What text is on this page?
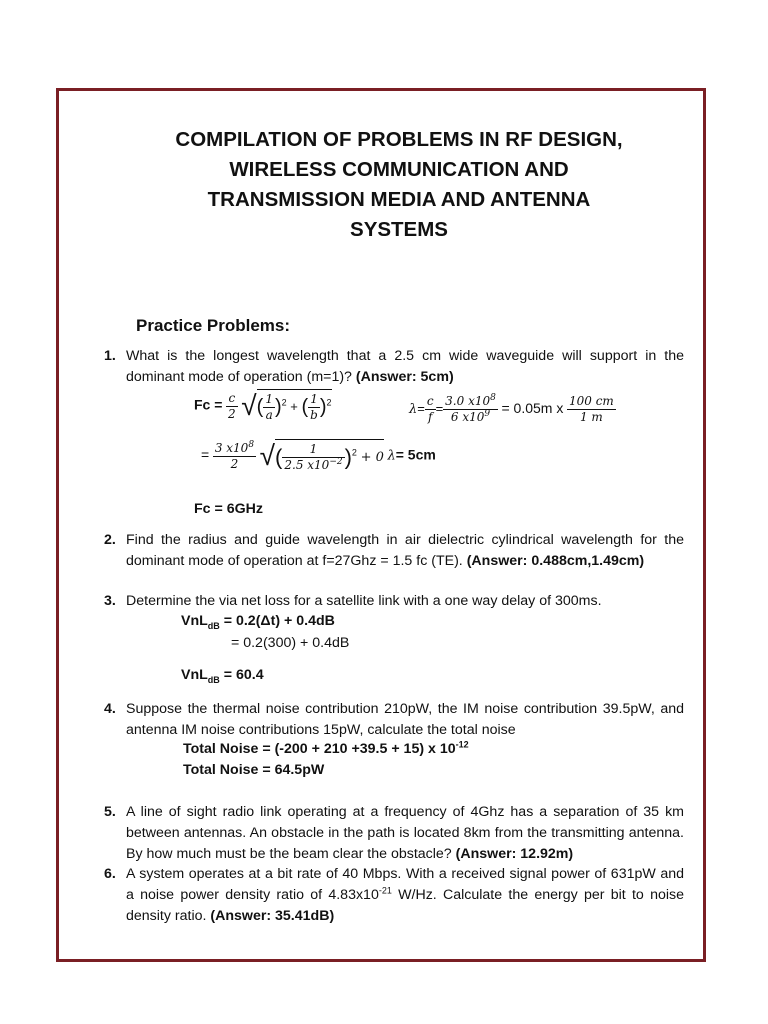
COMPILATION OF PROBLEMS IN RF DESIGN,
WIRELESS COMMUNICATION AND
TRANSMISSION MEDIA AND ANTENNA
SYSTEMS
Practice Problems:
1. What is the longest wavelength that a 2.5 cm wide waveguide will support in the dominant mode of operation (m=1)? (Answer: 5cm)
$Fc = \frac{c}{2}$ √( $\frac{1}{a} )^2$ + ( $\frac{1}{b} )^2$	$\lambda= \frac{c}{f} = \frac{3.0 x10^8}{6 x10^9} = 0.05m$ x $\frac{100 cm}{1 m}$
= $\frac{3 x10^8}{2}$ √( $\frac{1}{2.5 x10^{-2}} )^2 + 0$ λ= 5cm
Fc = 6GHz
2. Find the radius and guide wavelength in air dielectric cylindrical wavelength for the dominant mode of operation at f=27Ghz = 1.5 fc (TE). (Answer: 0.488cm,1.49cm)
3. Determine the via net loss for a satellite link with a one way delay of 300ms.
VnL$_{dB}$ = 0.2(Δt) + 0.4dB
= 0.2(300) + 0.4dB
VnL$_{dB}$ = 60.4
4. Suppose the thermal noise contribution 210pW, the IM noise contribution 39.5pW, and antenna IM noise contributions 15pW, calculate the total noise
Total Noise = (-200 + 210 +39.5 + 15) x $10^{-12}$
Total Noise = 64.5pW
5. A line of sight radio link operating at a frequency of 4Ghz has a separation of 35 km between antennas. An obstacle in the path is located 8km from the transmitting antenna. By how much must be the beam clear the obstacle? (Answer: 12.92m)
6. A system operates at a bit rate of 40 Mbps. With a received signal power of 631pW and a noise power density ratio of $4.83x10^{-21}$ W/Hz. Calculate the energy per bit to noise density ratio. (Answer: 35.41dB)
